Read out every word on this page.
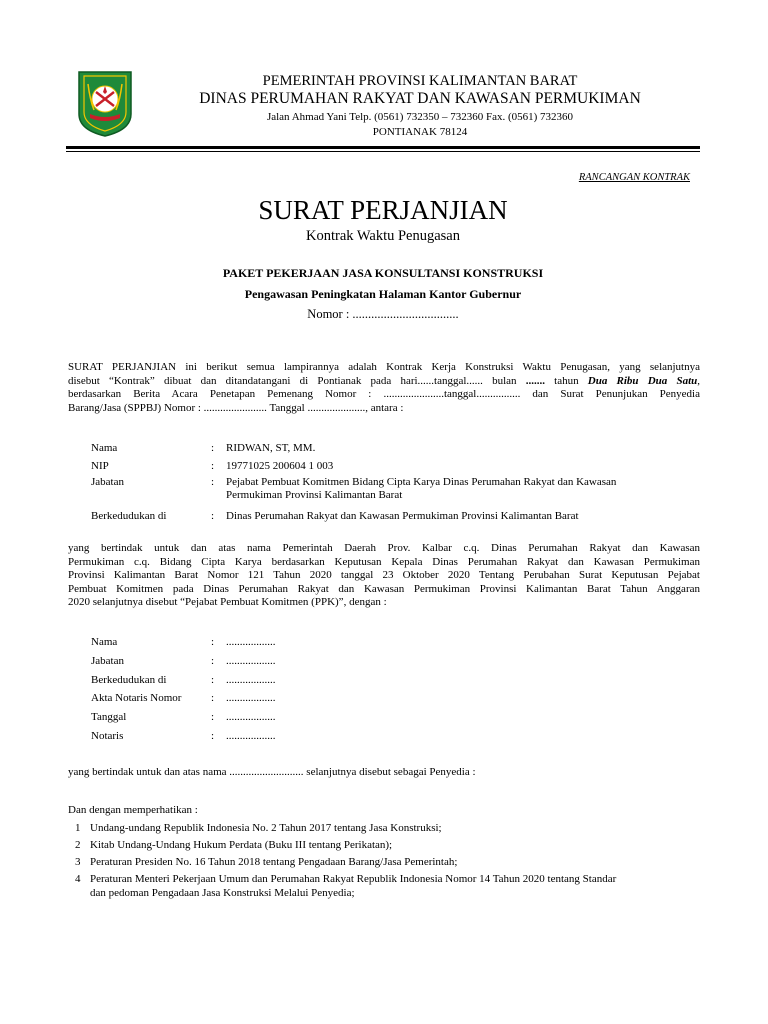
PEMERINTAH PROVINSI KALIMANTAN BARAT
DINAS PERUMAHAN RAKYAT DAN KAWASAN PERMUKIMAN
Jalan Ahmad Yani Telp. (0561) 732350 – 732360 Fax. (0561) 732360
PONTIANAK 78124
RANCANGAN KONTRAK
SURAT PERJANJIAN
Kontrak Waktu Penugasan
PAKET PEKERJAAN JASA KONSULTANSI KONSTRUKSI
Pengawasan Peningkatan Halaman Kantor Gubernur
Nomor : ..................................
SURAT PERJANJIAN ini berikut semua lampirannya adalah Kontrak Kerja Konstruksi Waktu Penugasan, yang selanjutnya
disebut “Kontrak” dibuat dan ditandatangani di Pontianak pada hari......tanggal...... bulan ....... tahun Dua Ribu Dua Satu,
berdasarkan Berita Acara Penetapan Pemenang Nomor : ......................tanggal................ dan Surat Penunjukan Penyedia
Barang/Jasa (SPPBJ) Nomor : ....................... Tanggal ....................., antara :
Nama	: RIDWAN, ST, MM.
NIP	: 19771025 200604 1 003
Jabatan	: Pejabat Pembuat Komitmen Bidang Cipta Karya Dinas Perumahan Rakyat dan Kawasan
Permukiman Provinsi Kalimantan Barat
Berkedudukan di	: Dinas Perumahan Rakyat dan Kawasan Permukiman Provinsi Kalimantan Barat
yang bertindak untuk dan atas nama Pemerintah Daerah Prov. Kalbar c.q. Dinas Perumahan Rakyat dan Kawasan
Permukiman c.q. Bidang Cipta Karya berdasarkan Keputusan Kepala Dinas Perumahan Rakyat dan Kawasan Permukiman
Provinsi Kalimantan Barat Nomor 121 Tahun 2020 tanggal 23 Oktober 2020 Tentang Perubahan Surat Keputusan Pejabat
Pembuat Komitmen pada Dinas Perumahan Rakyat dan Kawasan Permukiman Provinsi Kalimantan Barat Tahun Anggaran
2020 selanjutnya disebut “Pejabat Pembuat Komitmen (PPK)”, dengan :
Nama	: ..................
Jabatan	: ..................
Berkedudukan di	: ..................
Akta Notaris Nomor	: ..................
Tanggal	: ..................
Notaris	: ..................
yang bertindak untuk dan atas nama ........................... selanjutnya disebut sebagai Penyedia :
Dan dengan memperhatikan :
1 Undang-undang Republik Indonesia No. 2 Tahun 2017 tentang Jasa Konstruksi;
2 Kitab Undang-Undang Hukum Perdata (Buku III tentang Perikatan);
3 Peraturan Presiden No. 16 Tahun 2018 tentang Pengadaan Barang/Jasa Pemerintah;
4 Peraturan Menteri Pekerjaan Umum dan Perumahan Rakyat Republik Indonesia Nomor 14 Tahun 2020 tentang Standar
dan pedoman Pengadaan Jasa Konstruksi Melalui Penyedia;
